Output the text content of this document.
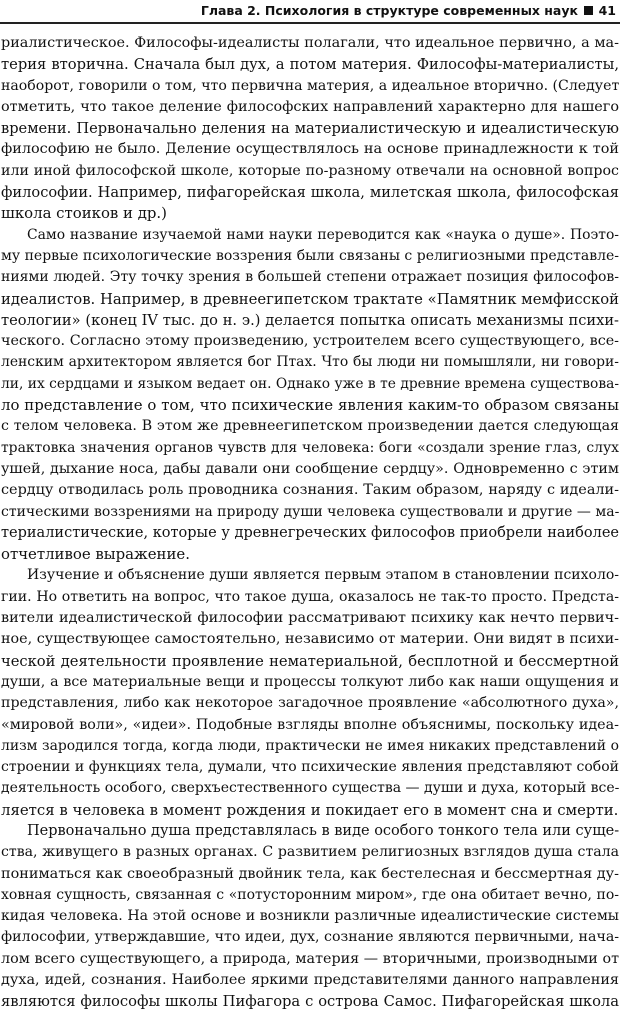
Глава 2. Психология в структуре современных наук 41
риалистическое. Философы-идеалисты полагали, что идеальное первично, а ма-
терия вторична. Сначала был дух, а потом материя. Философы-материалисты,
наоборот, говорили о том, что первична материя, а идеальное вторично. (Следует
отметить, что такое деление философских направлений характерно для нашего
времени. Первоначально деления на материалистическую и идеалистическую
философию не было. Деление осуществлялось на основе принадлежности к той
или иной философской школе, которые по-разному отвечали на основной вопрос
философии. Например, пифагорейская школа, милетская школа, философская
школа стоиков и др.)
Само название изучаемой нами науки переводится как «наука о душе». Поэто-
му первые психологические воззрения были связаны с религиозными представле-
ниями людей. Эту точку зрения в большей степени отражает позиция философов-
идеалистов. Например, в древнеегипетском трактате «Памятник мемфисской
теологии» (конец IV тыс. до н. э.) делается попытка описать механизмы психи-
ческого. Согласно этому произведению, устроителем всего существующего, все-
ленским архитектором является бог Птах. Что бы люди ни помышляли, ни говори-
ли, их сердцами и языком ведает он. Однако уже в те древние времена существова-
ло представление о том, что психические явления каким-то образом связаны
с телом человека. В этом же древнеегипетском произведении дается следующая
трактовка значения органов чувств для человека: боги «создали зрение глаз, слух
ушей, дыхание носа, дабы давали они сообщение сердцу». Одновременно с этим
сердцу отводилась роль проводника сознания. Таким образом, наряду с идеали-
стическими воззрениями на природу души человека существовали и другие — ма-
териалистические, которые у древнегреческих философов приобрели наиболее
отчетливое выражение.
Изучение и объяснение души является первым этапом в становлении психоло-
гии. Но ответить на вопрос, что такое душа, оказалось не так-то просто. Предста-
вители идеалистической философии рассматривают психику как нечто первич-
ное, существующее самостоятельно, независимо от материи. Они видят в психи-
ческой деятельности проявление нематериальной, бесплотной и бессмертной
души, а все материальные вещи и процессы толкуют либо как наши ощущения и
представления, либо как некоторое загадочное проявление «абсолютного духа»,
«мировой воли», «идеи». Подобные взгляды вполне объяснимы, поскольку идеа-
лизм зародился тогда, когда люди, практически не имея никаких представлений о
строении и функциях тела, думали, что психические явления представляют собой
деятельность особого, сверхъестественного существа — души и духа, который все-
ляется в человека в момент рождения и покидает его в момент сна и смерти.
Первоначально душа представлялась в виде особого тонкого тела или суще-
ства, живущего в разных органах. С развитием религиозных взглядов душа стала
пониматься как своеобразный двойник тела, как бестелесная и бессмертная ду-
ховная сущность, связанная с «потусторонним миром», где она обитает вечно, по-
кидая человека. На этой основе и возникли различные идеалистические системы
философии, утверждавшие, что идеи, дух, сознание являются первичными, нача-
лом всего существующего, а природа, материя — вторичными, производными от
духа, идей, сознания. Наиболее яркими представителями данного направления
являются философы школы Пифагора с острова Самос. Пифагорейская школа
